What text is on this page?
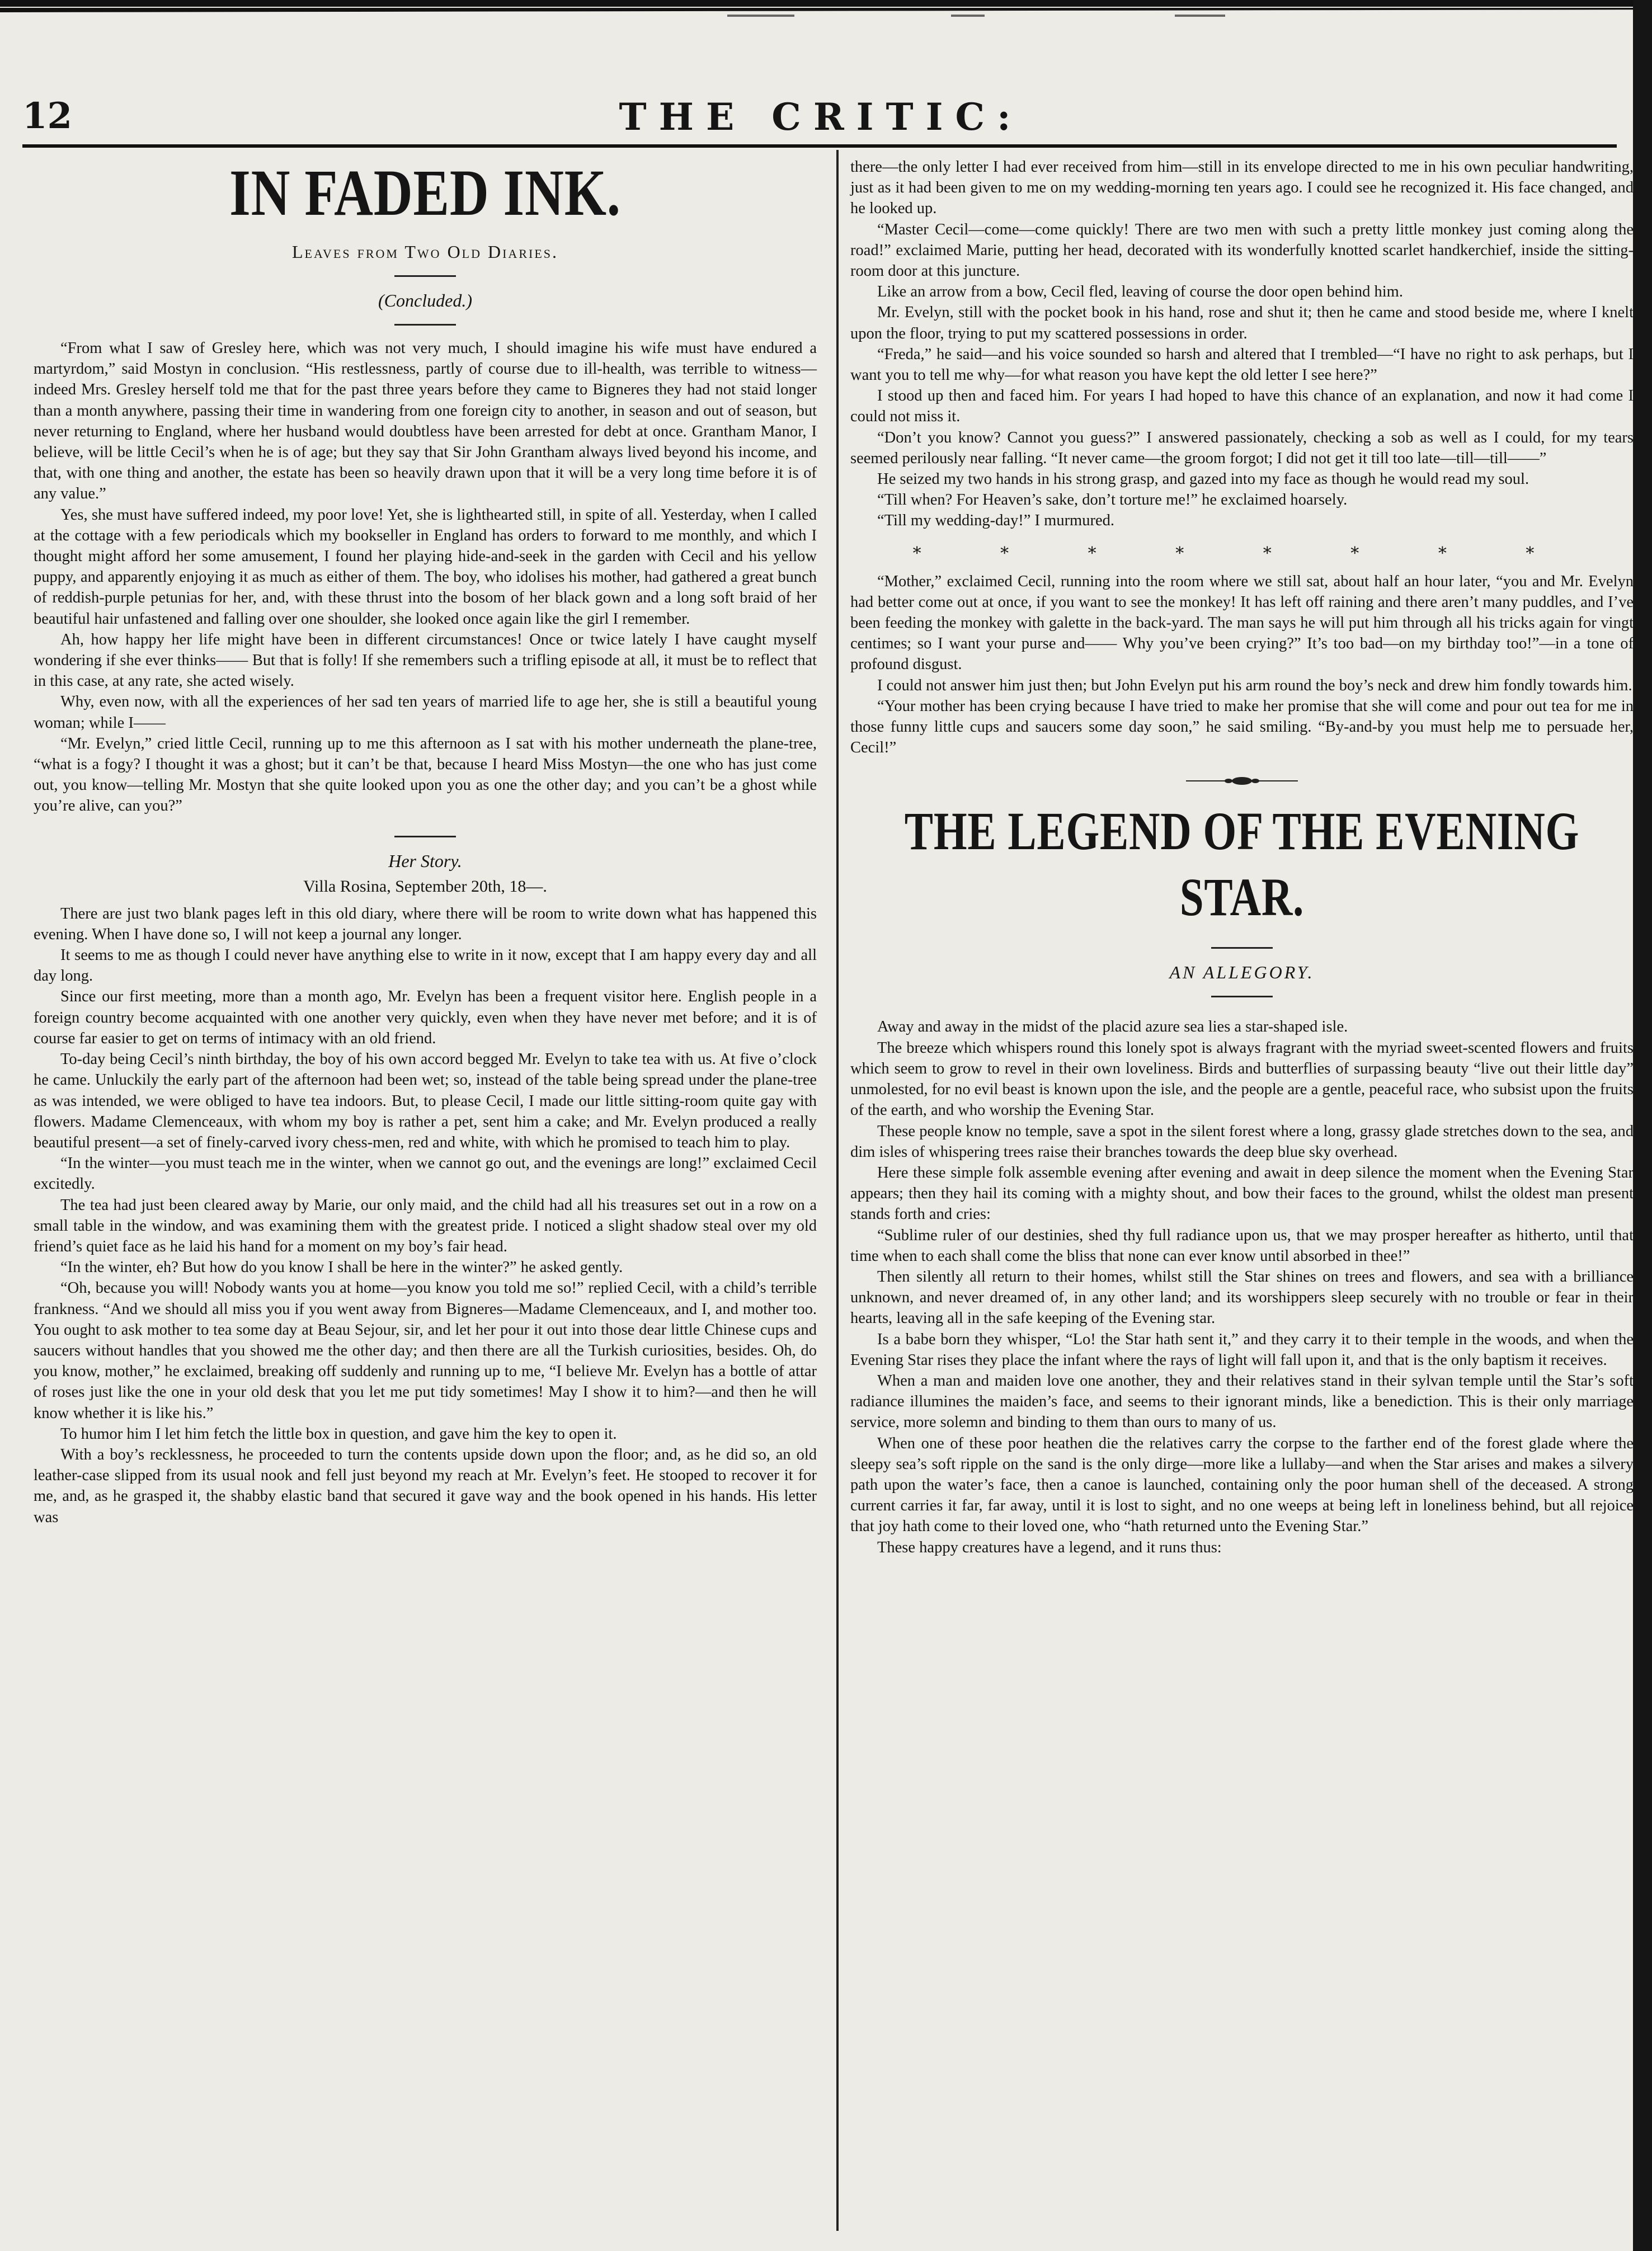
THE CRITIC:
12
IN FADED INK.
Leaves from Two Old Diaries.
(Concluded.)

“From what I saw of Gresley here, which was not very much, I should imagine his wife must have endured a martyrdom,” said Mostyn in conclusion. “His restlessness, partly of course due to ill-health, was terrible to witness—indeed Mrs. Gresley herself told me that for the past three years before they came to Bigneres they had not staid longer than a month anywhere, passing their time in wandering from one foreign city to another, in season and out of season, but never returning to England, where her husband would doubtless have been arrested for debt at once. Grantham Manor, I believe, will be little Cecil’s when he is of age; but they say that Sir John Grantham always lived beyond his income, and that, with one thing and another, the estate has been so heavily drawn upon that it will be a very long time before it is of any value.”

Yes, she must have suffered indeed, my poor love! Yet, she is lighthearted still, in spite of all. Yesterday, when I called at the cottage with a few periodicals which my bookseller in England has orders to forward to me monthly, and which I thought might afford her some amusement, I found her playing hide-and-seek in the garden with Cecil and his yellow puppy, and apparently enjoying it as much as either of them. The boy, who idolises his mother, had gathered a great bunch of reddish-purple petunias for her, and, with these thrust into the bosom of her black gown and a long soft braid of her beautiful hair unfastened and falling over one shoulder, she looked once again like the girl I remember.

Ah, how happy her life might have been in different circumstances! Once or twice lately I have caught myself wondering if she ever thinks—— But that is folly! If she remembers such a trifling episode at all, it must be to reflect that in this case, at any rate, she acted wisely.

Why, even now, with all the experiences of her sad ten years of married life to age her, she is still a beautiful young woman; while I——

“Mr. Evelyn,” cried little Cecil, running up to me this afternoon as I sat with his mother underneath the plane-tree, “what is a fogy? I thought it was a ghost; but it can’t be that, because I heard Miss Mostyn—the one who has just come out, you know—telling Mr. Mostyn that she quite looked upon you as one the other day; and you can’t be a ghost while you’re alive, can you?”

Her Story.
Villa Rosina, September 20th, 18—.

There are just two blank pages left in this old diary, where there will be room to write down what has happened this evening. When I have done so, I will not keep a journal any longer.

It seems to me as though I could never have anything else to write in it now, except that I am happy every day and all day long.

Since our first meeting, more than a month ago, Mr. Evelyn has been a frequent visitor here. English people in a foreign country become acquainted with one another very quickly, even when they have never met before; and it is of course far easier to get on terms of intimacy with an old friend.

To-day being Cecil’s ninth birthday, the boy of his own accord begged Mr. Evelyn to take tea with us. At five o’clock he came. Unluckily the early part of the afternoon had been wet; so, instead of the table being spread under the plane-tree as was intended, we were obliged to have tea indoors. But, to please Cecil, I made our little sitting-room quite gay with flowers. Madame Clemenceaux, with whom my boy is rather a pet, sent him a cake; and Mr. Evelyn produced a really beautiful present—a set of finely-carved ivory chess-men, red and white, with which he promised to teach him to play.

“In the winter—you must teach me in the winter, when we cannot go out, and the evenings are long!” exclaimed Cecil excitedly.

The tea had just been cleared away by Marie, our only maid, and the child had all his treasures set out in a row on a small table in the window, and was examining them with the greatest pride. I noticed a slight shadow steal over my old friend’s quiet face as he laid his hand for a moment on my boy’s fair head.

“In the winter, eh? But how do you know I shall be here in the winter?” he asked gently.

“Oh, because you will! Nobody wants you at home—you know you told me so!” replied Cecil, with a child’s terrible frankness. “And we should all miss you if you went away from Bigneres—Madame Clemenceaux, and I, and mother too. You ought to ask mother to tea some day at Beau Sejour, sir, and let her pour it out into those dear little Chinese cups and saucers without handles that you showed me the other day; and then there are all the Turkish curiosities, besides. Oh, do you know, mother,” he exclaimed, breaking off suddenly and running up to me, “I believe Mr. Evelyn has a bottle of attar of roses just like the one in your old desk that you let me put tidy sometimes! May I show it to him?—and then he will know whether it is like his.”

To humor him I let him fetch the little box in question, and gave him the key to open it.

With a boy’s recklessness, he proceeded to turn the contents upside down upon the floor; and, as he did so, an old leather-case slipped from its usual nook and fell just beyond my reach at Mr. Evelyn’s feet. He stooped to recover it for me, and, as he grasped it, the shabby elastic band that secured it gave way and the book opened in his hands. His letter was

there—the only letter I had ever received from him—still in its envelope directed to me in his own peculiar handwriting, just as it had been given to me on my wedding-morning ten years ago. I could see he recognized it. His face changed, and he looked up.

“Master Cecil—come—come quickly! There are two men with such a pretty little monkey just coming along the road!” exclaimed Marie, putting her head, decorated with its wonderfully knotted scarlet handkerchief, inside the sitting-room door at this juncture.

Like an arrow from a bow, Cecil fled, leaving of course the door open behind him.

Mr. Evelyn, still with the pocket book in his hand, rose and shut it; then he came and stood beside me, where I knelt upon the floor, trying to put my scattered possessions in order.

“Freda,” he said—and his voice sounded so harsh and altered that I trembled—“I have no right to ask perhaps, but I want you to tell me why—for what reason you have kept the old letter I see here?”

I stood up then and faced him. For years I had hoped to have this chance of an explanation, and now it had come I could not miss it.

“Don’t you know? Cannot you guess?” I answered passionately, checking a sob as well as I could, for my tears seemed perilously near falling. “It never came—the groom forgot; I did not get it till too late—till—till——”

He seized my two hands in his strong grasp, and gazed into my face as though he would read my soul.

“Till when? For Heaven’s sake, don’t torture me!” he exclaimed hoarsely.

“Till my wedding-day!” I murmured.

* * * * * * * *

“Mother,” exclaimed Cecil, running into the room where we still sat, about half an hour later, “you and Mr. Evelyn had better come out at once, if you want to see the monkey! It has left off raining and there aren’t many puddles, and I’ve been feeding the monkey with galette in the back-yard. The man says he will put him through all his tricks again for vingt centimes; so I want your purse and—— Why you’ve been crying?” It’s too bad—on my birthday too!”—in a tone of profound disgust.

I could not answer him just then; but John Evelyn put his arm round the boy’s neck and drew him fondly towards him.

“Your mother has been crying because I have tried to make her promise that she will come and pour out tea for me in those funny little cups and saucers some day soon,” he said smiling. “By-and-by you must help me to persuade her, Cecil!”

THE LEGEND OF THE EVENING STAR.
AN ALLEGORY.

Away and away in the midst of the placid azure sea lies a star-shaped isle.

The breeze which whispers round this lonely spot is always fragrant with the myriad sweet-scented flowers and fruits which seem to grow to revel in their own loveliness. Birds and butterflies of surpassing beauty “live out their little day” unmolested, for no evil beast is known upon the isle, and the people are a gentle, peaceful race, who subsist upon the fruits of the earth, and who worship the Evening Star.

These people know no temple, save a spot in the silent forest where a long, grassy glade stretches down to the sea, and dim isles of whispering trees raise their branches towards the deep blue sky overhead.

Here these simple folk assemble evening after evening and await in deep silence the moment when the Evening Star appears; then they hail its coming with a mighty shout, and bow their faces to the ground, whilst the oldest man present stands forth and cries:

“Sublime ruler of our destinies, shed thy full radiance upon us, that we may prosper hereafter as hitherto, until that time when to each shall come the bliss that none can ever know until absorbed in thee!”

Then silently all return to their homes, whilst still the Star shines on trees and flowers, and sea with a brilliance unknown, and never dreamed of, in any other land; and its worshippers sleep securely with no trouble or fear in their hearts, leaving all in the safe keeping of the Evening star.

Is a babe born they whisper, “Lo! the Star hath sent it,” and they carry it to their temple in the woods, and when the Evening Star rises they place the infant where the rays of light will fall upon it, and that is the only baptism it receives.

When a man and maiden love one another, they and their relatives stand in their sylvan temple until the Star’s soft radiance illumines the maiden’s face, and seems to their ignorant minds, like a benediction. This is their only marriage service, more solemn and binding to them than ours to many of us.

When one of these poor heathen die the relatives carry the corpse to the farther end of the forest glade where the sleepy sea’s soft ripple on the sand is the only dirge—more like a lullaby—and when the Star arises and makes a silvery path upon the water’s face, then a canoe is launched, containing only the poor human shell of the deceased. A strong current carries it far, far away, until it is lost to sight, and no one weeps at being left in loneliness behind, but all rejoice that joy hath come to their loved one, who “hath returned unto the Evening Star.”

These happy creatures have a legend, and it runs thus:
